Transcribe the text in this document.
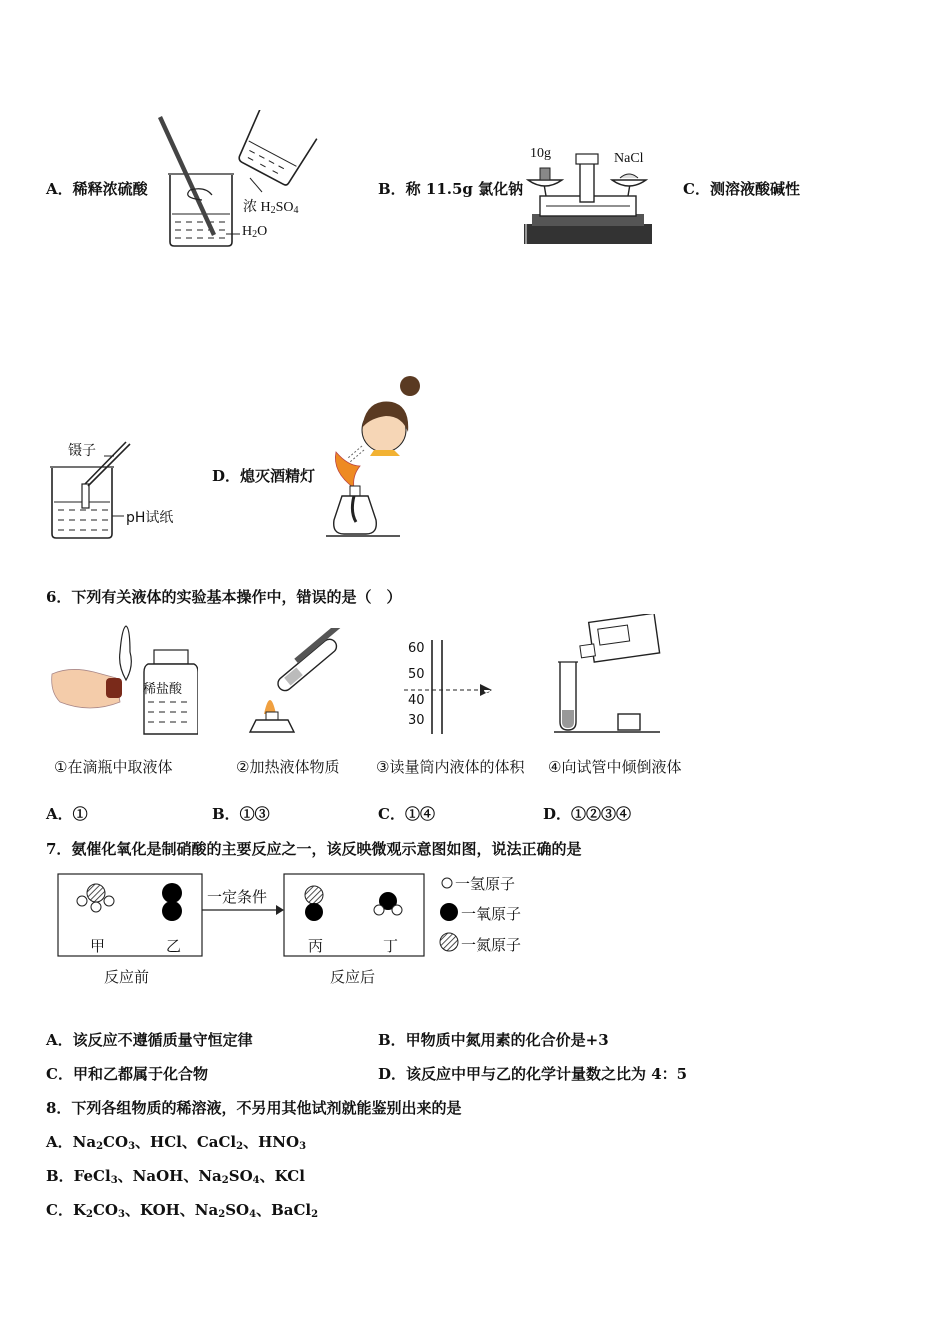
A．稀释浓硫酸
浓 $H_2SO_4$
$H_2O$
B．称 11.5g 氯化钠
10g	NaCl
C．测溶液酸碱性
镊子
pH试纸
D．熄灭酒精灯
6．下列有关液体的实验基本操作中，错误的是（　）
稀盐酸
60
50
40
30
①在滴瓶中取液体	②加热液体物质 ③读量筒内液体的体积 ④向试管中倾倒液体
A．①	B．①③	C．①④	D．①②③④
7．氨催化氧化是制硝酸的主要反应之一，该反映微观示意图如图，说法正确的是
一定条件
甲	乙	丙	丁
反应前	反应后
一氢原子
一氧原子
一氮原子
A．该反应不遵循质量守恒定律	B．甲物质中氮用素的化合价是+3
C．甲和乙都属于化合物	D．该反应中甲与乙的化学计量数之比为 4：5
8．下列各组物质的稀溶液，不另用其他试剂就能鉴别出来的是
A．$Na_2CO_3$、HCl、CaCl$_2$、$HNO_3$
B．FeCl$_3$、NaOH、$Na_2SO_4$、KCl
C．$K_2CO_3$、KOH、$Na_2SO_4$、BaCl$_2$
